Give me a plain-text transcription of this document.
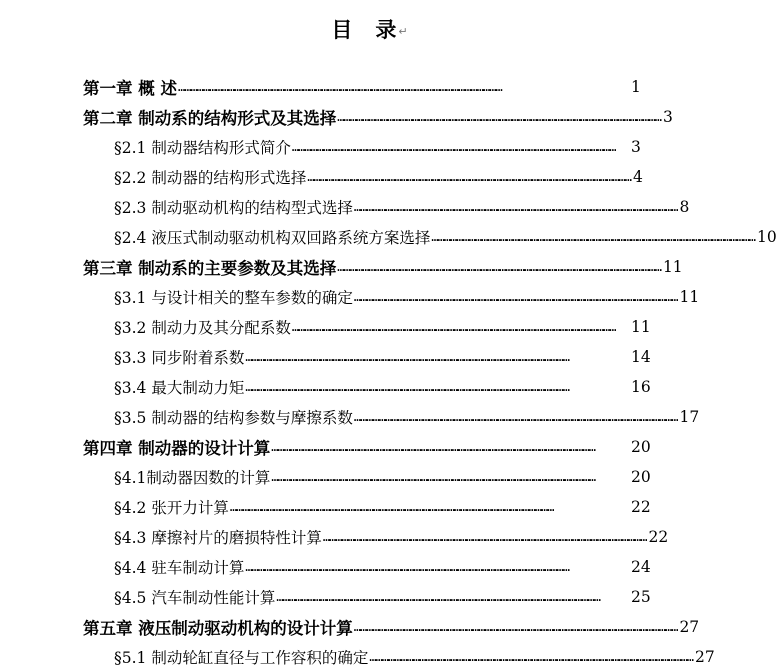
目 录↵
第一章 概 述 …………………………………………………………………………………………………………………………………………	1
第二章 制动系的结构形式及其选择 ………………………………………………………………………………………………………………………………………… 3
§2.1 制动器结构形式简介 ………………………………………………………………………………………………………………………………………… 3
§2.2 制动器的结构形式选择 ………………………………………………………………………………………………………………………………………… 4
§2.3 制动驱动机构的结构型式选择 ………………………………………………………………………………………………………………………………………… 8
§2.4 液压式制动驱动机构双回路系统方案选择 ………………………………………………………………………………………………………………………………………… 10
第三章 制动系的主要参数及其选择 ………………………………………………………………………………………………………………………………………… 11
§3.1 与设计相关的整车参数的确定 ………………………………………………………………………………………………………………………………………… 11
§3.2 制动力及其分配系数 ………………………………………………………………………………………………………………………………………… 11
§3.3 同步附着系数 …………………………………………………………………………………………………………………………………………	14
§3.4 最大制动力矩 …………………………………………………………………………………………………………………………………………	16
§3.5 制动器的结构参数与摩擦系数 ………………………………………………………………………………………………………………………………………… 17
第四章 制动器的设计计算 …………………………………………………………………………………………………………………………………………	20
§4.1制动器因数的计算 …………………………………………………………………………………………………………………………………………	20
§4.2 张开力计算 …………………………………………………………………………………………………………………………………………	22
§4.3 摩擦衬片的磨损特性计算 ………………………………………………………………………………………………………………………………………… 22
§4.4 驻车制动计算 …………………………………………………………………………………………………………………………………………	24
§4.5 汽车制动性能计算 …………………………………………………………………………………………………………………………………………	25
第五章 液压制动驱动机构的设计计算 ………………………………………………………………………………………………………………………………………… 27
§5.1 制动轮缸直径与工作容积的确定 ………………………………………………………………………………………………………………………………………… 27
